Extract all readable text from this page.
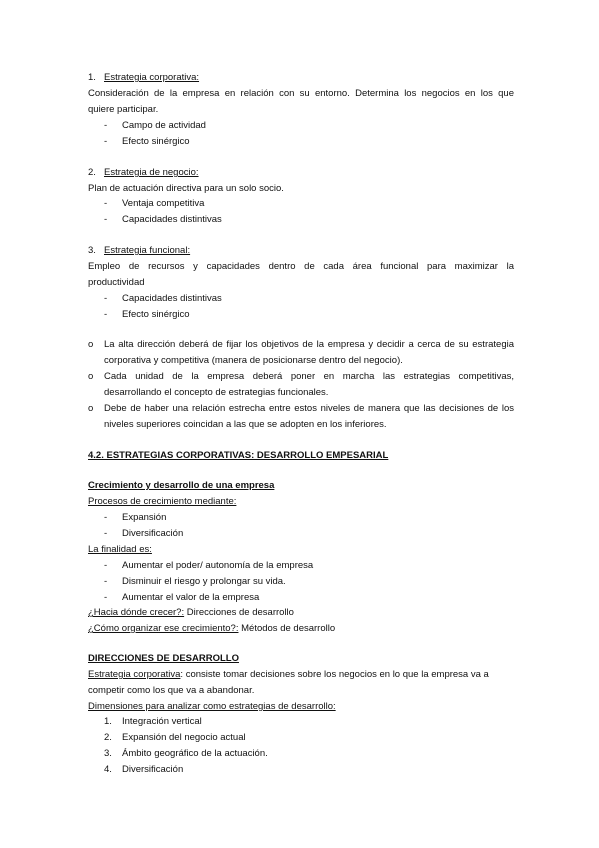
1. Estrategia corporativa:
Consideración de la empresa en relación con su entorno. Determina los negocios en los que
quiere participar.
- Campo de actividad
- Efecto sinérgico
2. Estrategia de negocio:
Plan de actuación directiva para un solo socio.
- Ventaja competitiva
- Capacidades distintivas
3. Estrategia funcional:
Empleo de recursos y capacidades dentro de cada área funcional para maximizar la
productividad
- Capacidades distintivas
- Efecto sinérgico
o La alta dirección deberá de fijar los objetivos de la empresa y decidir a cerca de su estrategia
corporativa y competitiva (manera de posicionarse dentro del negocio).
o Cada unidad de la empresa deberá poner en marcha las estrategias competitivas,
desarrollando el concepto de estrategias funcionales.
o Debe de haber una relación estrecha entre estos niveles de manera que las decisiones de los
niveles superiores coincidan a las que se adopten en los inferiores.
4.2. ESTRATEGIAS CORPORATIVAS: DESARROLLO EMPESARIAL
Crecimiento y desarrollo de una empresa
Procesos de crecimiento mediante:
- Expansión
- Diversificación
La finalidad es:
- Aumentar el poder/ autonomía de la empresa
- Disminuir el riesgo y prolongar su vida.
- Aumentar el valor de la empresa
¿Hacia dónde crecer?: Direcciones de desarrollo
¿Cómo organizar ese crecimiento?: Métodos de desarrollo
DIRECCIONES DE DESARROLLO
Estrategia corporativa: consiste tomar decisiones sobre los negocios en lo que la empresa va a
competir como los que va a abandonar.
Dimensiones para analizar como estrategias de desarrollo:
1. Integración vertical
2. Expansión del negocio actual
3. Ámbito geográfico de la actuación.
4. Diversificación
